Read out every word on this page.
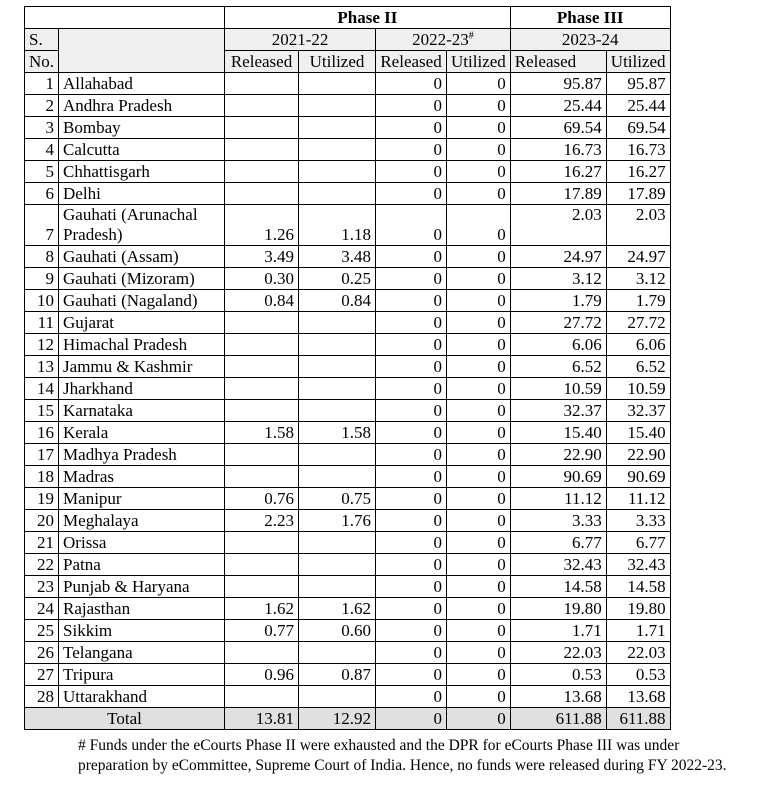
		Phase II				Phase III	
S.		2021-22		2022-23#		2023-24	
No.		Released	Utilized	Released	Utilized	Released	Utilized
1	Allahabad			0	0	95.87	95.87
2	Andhra Pradesh			0	0	25.44	25.44
3	Bombay			0	0	69.54	69.54
4	Calcutta			0	0	16.73	16.73
5	Chhattisgarh			0	0	16.27	16.27
6	Delhi			0	0	17.89	17.89
7	Gauhati (Arunachal
Pradesh)	1.26	1.18	0	0	2.03	2.03
8	Gauhati (Assam)	3.49	3.48	0	0	24.97	24.97
9	Gauhati (Mizoram)	0.30	0.25	0	0	3.12	3.12
10	Gauhati (Nagaland)	0.84	0.84	0	0	1.79	1.79
11	Gujarat			0	0	27.72	27.72
12	Himachal Pradesh			0	0	6.06	6.06
13	Jammu & Kashmir			0	0	6.52	6.52
14	Jharkhand			0	0	10.59	10.59
15	Karnataka			0	0	32.37	32.37
16	Kerala	1.58	1.58	0	0	15.40	15.40
17	Madhya Pradesh			0	0	22.90	22.90
18	Madras			0	0	90.69	90.69
19	Manipur	0.76	0.75	0	0	11.12	11.12
20	Meghalaya	2.23	1.76	0	0	3.33	3.33
21	Orissa			0	0	6.77	6.77
22	Patna			0	0	32.43	32.43
23	Punjab & Haryana			0	0	14.58	14.58
24	Rajasthan	1.62	1.62	0	0	19.80	19.80
25	Sikkim	0.77	0.60	0	0	1.71	1.71
26	Telangana			0	0	22.03	22.03
27	Tripura	0.96	0.87	0	0	0.53	0.53
28	Uttarakhand			0	0	13.68	13.68
Total		13.81	12.92	0	0	611.88	611.88
# Funds under the eCourts Phase II were exhausted and the DPR for eCourts Phase III was under preparation by eCommittee, Supreme Court of India. Hence, no funds were released during FY 2022-23.
